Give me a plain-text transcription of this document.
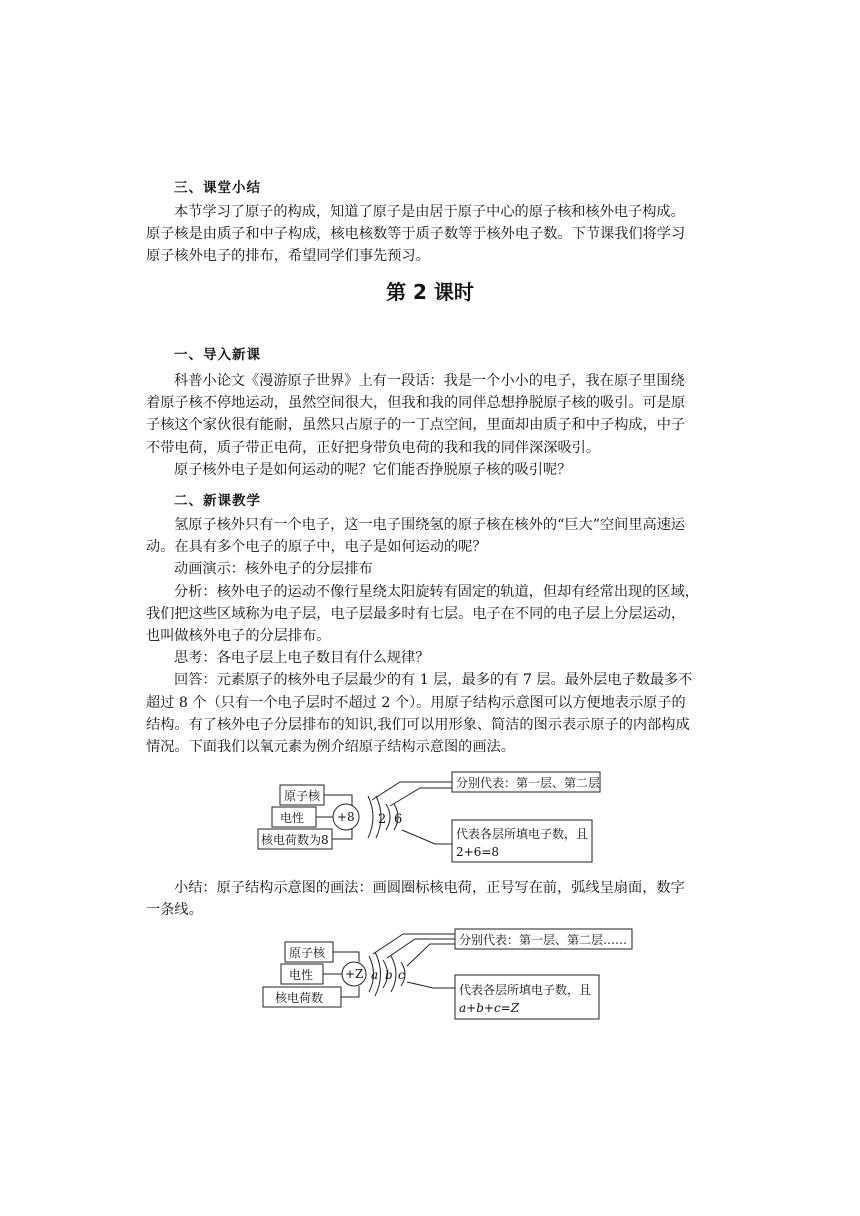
三、课堂小结
本节学习了原子的构成，知道了原子是由居于原子中心的原子核和核外电子构成。
原子核是由质子和中子构成，核电核数等于质子数等于核外电子数。下节课我们将学习
原子核外电子的排布，希望同学们事先预习。
第 2 课时
一、导入新课
科普小论文《漫游原子世界》上有一段话：我是一个小小的电子，我在原子里围绕
着原子核不停地运动，虽然空间很大，但我和我的同伴总想挣脱原子核的吸引。可是原
子核这个家伙很有能耐，虽然只占原子的一丁点空间，里面却由质子和中子构成，中子
不带电荷，质子带正电荷，正好把身带负电荷的我和我的同伴深深吸引。
原子核外电子是如何运动的呢？它们能否挣脱原子核的吸引呢？
二、新课教学
氢原子核外只有一个电子，这一电子围绕氢的原子核在核外的“巨大”空间里高速运
动。在具有多个电子的原子中，电子是如何运动的呢？
动画演示：核外电子的分层排布
分析：核外电子的运动不像行星绕太阳旋转有固定的轨道，但却有经常出现的区域，
我们把这些区域称为电子层，电子层最多时有七层。电子在不同的电子层上分层运动，
也叫做核外电子的分层排布。
思考：各电子层上电子数目有什么规律？
回答：元素原子的核外电子层最少的有 1 层，最多的有 7 层。最外层电子数最多不
超过 8 个（只有一个电子层时不超过 2 个）。用原子结构示意图可以方便地表示原子的
结构。有了核外电子分层排布的知识,我们可以用形象、简洁的图示表示原子的内部构成
情况。下面我们以氧元素为例介绍原子结构示意图的画法。
原子核
电性
核电荷数为8
+8 2 6
分别代表：第一层、第二层
代表各层所填电子数，且
2+6=8
小结：原子结构示意图的画法：画圆圈标核电荷，正号写在前，弧线呈扇面，数字
一条线。
原子核
电性
核电荷数
+Z a b c
分别代表：第一层、第二层……
代表各层所填电子数，且
a+b+c=Z
